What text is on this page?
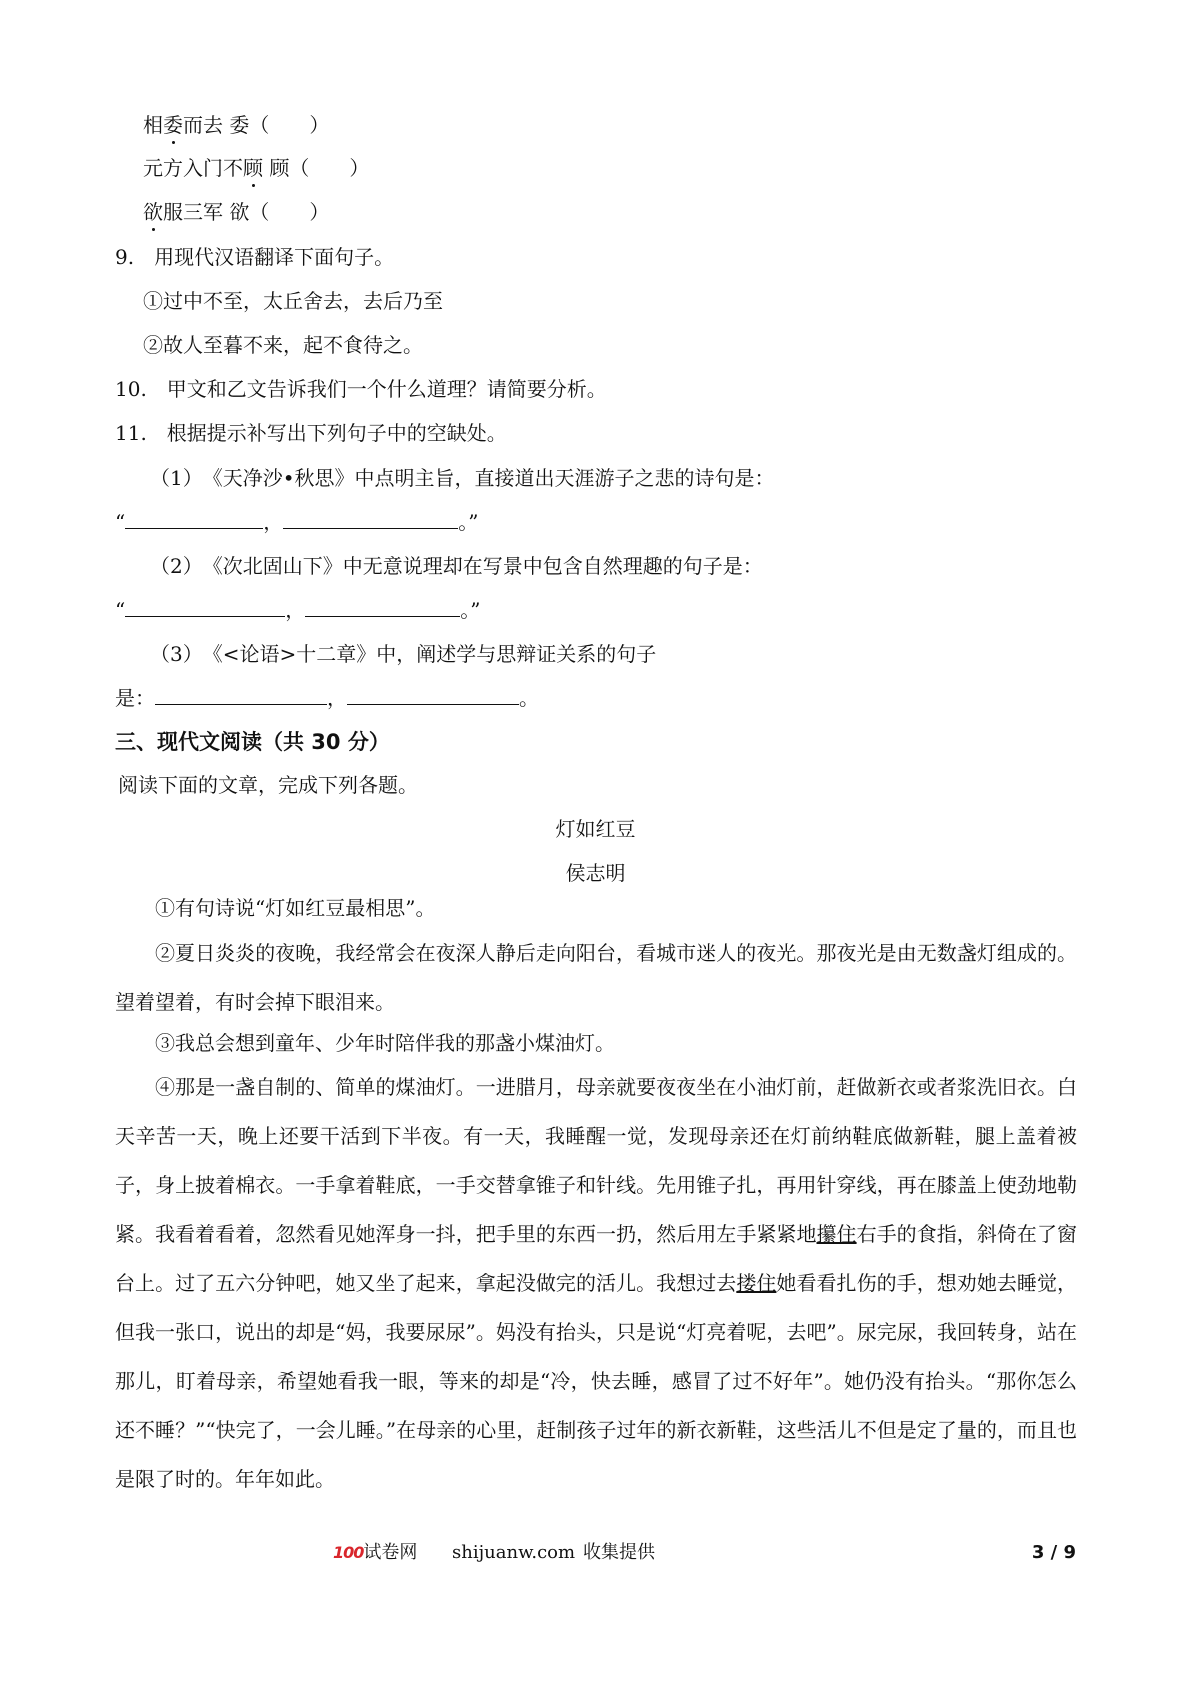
相委而去 委（　　）
元方入门不顾 顾（　　）
欲服三军 欲（　　）
9.　用现代汉语翻译下面句子。
①过中不至，太丘舍去，去后乃至
②故人至暮不来，起不食待之。
10.　甲文和乙文告诉我们一个什么道理？请简要分析。
11.　根据提示补写出下列句子中的空缺处。
（1）　《天净沙•秋思》中点明主旨，直接道出天涯游子之悲的诗句是：
“	，	。”
（2）　《次北固山下》中无意说理却在写景中包含自然理趣的句子是：
“	，	。”
（3）　《<论语>十二章》中，阐述学与思辩证关系的句子
是：	，	。
三、现代文阅读（共 30 分）
阅读下面的文章，完成下列各题。
灯如红豆
侯志明
①有句诗说“灯如红豆最相思”。
②夏日炎炎的夜晚，我经常会在夜深人静后走向阳台，看城市迷人的夜光。那夜光是由无数盏灯组成的。望着望着，有时会掉下眼泪来。
③我总会想到童年、少年时陪伴我的那盏小煤油灯。
④那是一盏自制的、简单的煤油灯。一进腊月，母亲就要夜夜坐在小油灯前，赶做新衣或者浆洗旧衣。白天辛苦一天，晚上还要干活到下半夜。有一天，我睡醒一觉，发现母亲还在灯前纳鞋底做新鞋，腿上盖着被子，身上披着棉衣。一手拿着鞋底，一手交替拿锥子和针线。先用锥子扎，再用针穿线，再在膝盖上使劲地勒紧。我看着看着，忽然看见她浑身一抖，把手里的东西一扔，然后用左手紧紧地攥住右手的食指，斜倚在了窗台上。过了五六分钟吧，她又坐了起来，拿起没做完的活儿。我想过去搂住她看看扎伤的手，想劝她去睡觉，但我一张口，说出的却是“妈，我要尿尿”。妈没有抬头，只是说“灯亮着呢，去吧”。尿完尿，我回转身，站在那儿，盯着母亲，希望她看我一眼，等来的却是“冷，快去睡，感冒了过不好年”。她仍没有抬头。“那你怎么还不睡？”“快完了，一会儿睡。”在母亲的心里，赶制孩子过年的新衣新鞋，这些活儿不但是定了量的，而且也是限了时的。年年如此。
100试卷网 shijuanw.com 收集提供	3 / 9
